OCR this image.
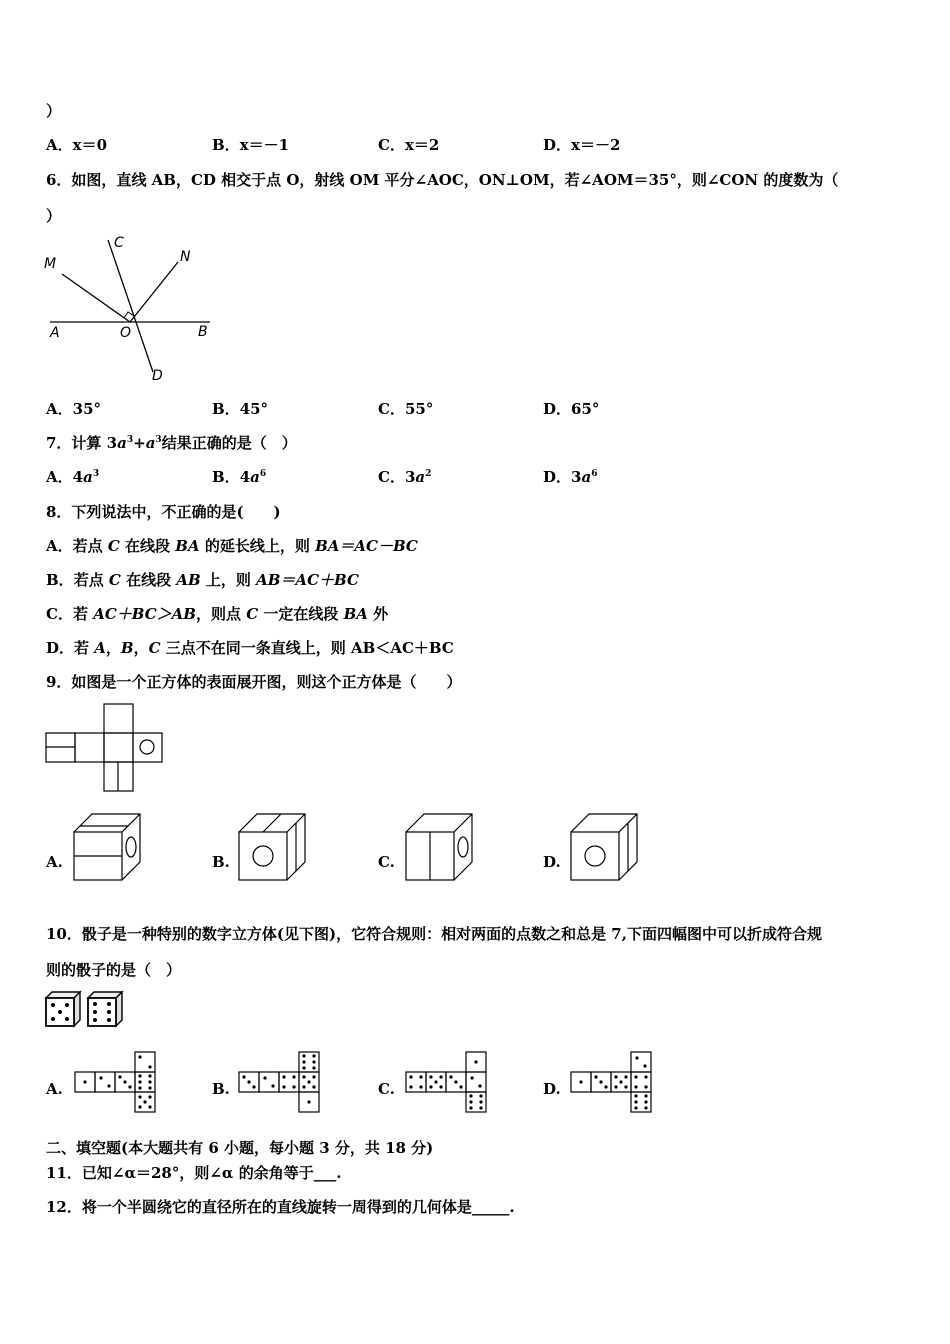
）
A．x＝0	B．x＝－1	C．x＝2	D．x＝－2
6．如图，直线 AB，CD 相交于点 O，射线 OM 平分∠AOC，ON⊥OM，若∠AOM＝35°，则∠CON 的度数为（
）
M
C
N
A	O	B
D
A．35°	B．45°	C．55°	D．65°
7．计算 $3a^3+a^3$结果正确的是（　）
A．$4a^3$	B．$4a^6$	C．$3a^2$	D．$3a^6$
8．下列说法中，不正确的是(　　)
A．若点 C 在线段 BA 的延长线上，则 BA＝AC－BC
B．若点 C 在线段 AB 上，则 AB＝AC＋BC
C．若 AC＋BC＞AB，则点 C 一定在线段 BA 外
D．若 A，B，C 三点不在同一条直线上，则 AB＜AC＋BC
9．如图是一个正方体的表面展开图，则这个正方体是（　　）
A.	B.	C.	D.
10．骰子是一种特别的数字立方体(见下图)，它符合规则：相对两面的点数之和总是 7,下面四幅图中可以折成符合规
则的骰子的是（　）
A.	B.	C.	D.
二、填空题(本大题共有 6 小题，每小题 3 分，共 18 分)
11．已知∠α＝28°，则∠α 的余角等于___.
12．将一个半圆绕它的直径所在的直线旋转一周得到的几何体是_____.
